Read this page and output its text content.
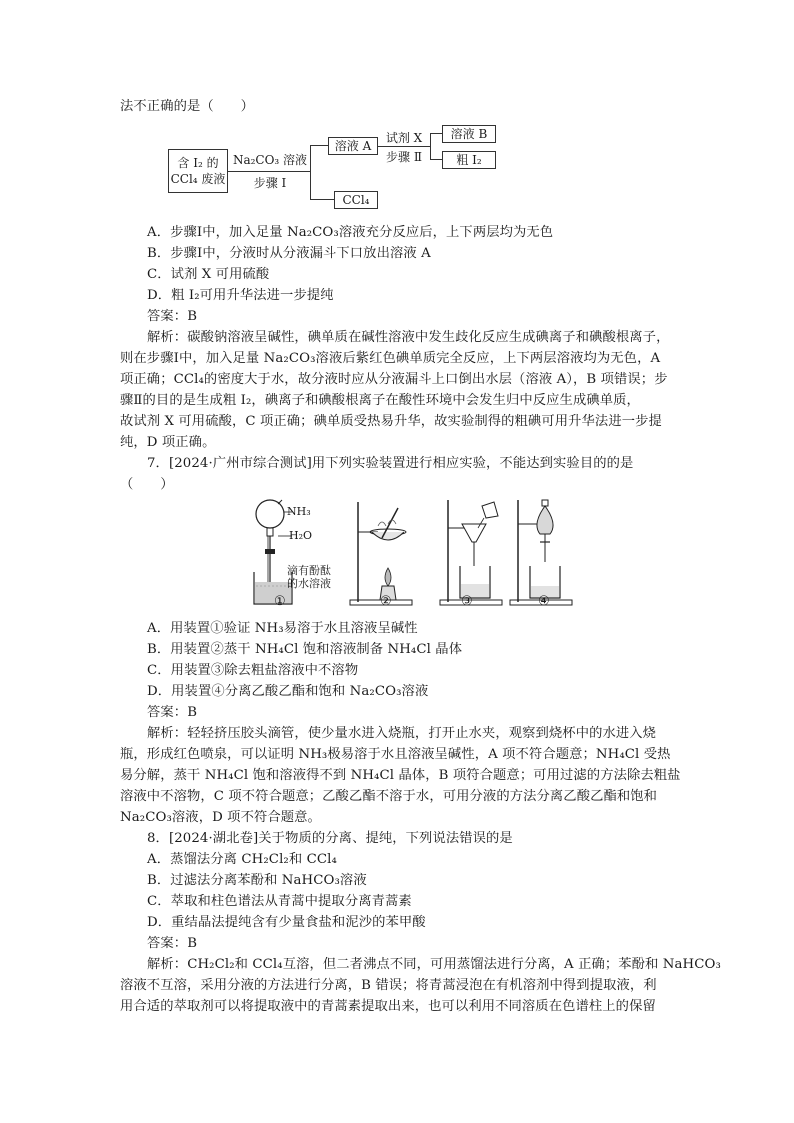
法不正确的是（　　）
含 I₂ 的
CCl₄ 废液
Na₂CO₃ 溶液
步骤 Ⅰ
溶液 A
CCl₄
试剂 X
步骤 Ⅱ
溶液 B
粗 I₂
A．步骤Ⅰ中，加入足量 Na₂CO₃溶液充分反应后，上下两层均为无色
B．步骤Ⅰ中，分液时从分液漏斗下口放出溶液 A
C．试剂 X 可用硫酸
D．粗 I₂可用升华法进一步提纯
答案：B
解析：碳酸钠溶液呈碱性，碘单质在碱性溶液中发生歧化反应生成碘离子和碘酸根离子，
则在步骤Ⅰ中，加入足量 Na₂CO₃溶液后紫红色碘单质完全反应，上下两层溶液均为无色，A
项正确；CCl₄的密度大于水，故分液时应从分液漏斗上口倒出水层（溶液 A），B 项错误；步
骤Ⅱ的目的是生成粗 I₂，碘离子和碘酸根离子在酸性环境中会发生归中反应生成碘单质，
故试剂 X 可用硫酸，C 项正确；碘单质受热易升华，故实验制得的粗碘可用升华法进一步提
纯，D 项正确。
7．[2024·广州市综合测试]用下列实验装置进行相应实验，不能达到实验目的的是
（　　）
NH₃
H₂O
滴有酚酞
的水溶液
①	②	③	④
A．用装置①验证 NH₃易溶于水且溶液呈碱性
B．用装置②蒸干 NH₄Cl 饱和溶液制备 NH₄Cl 晶体
C．用装置③除去粗盐溶液中不溶物
D．用装置④分离乙酸乙酯和饱和 Na₂CO₃溶液
答案：B
解析：轻轻挤压胶头滴管，使少量水进入烧瓶，打开止水夹，观察到烧杯中的水进入烧
瓶，形成红色喷泉，可以证明 NH₃极易溶于水且溶液呈碱性，A 项不符合题意；NH₄Cl 受热
易分解，蒸干 NH₄Cl 饱和溶液得不到 NH₄Cl 晶体，B 项符合题意；可用过滤的方法除去粗盐
溶液中不溶物，C 项不符合题意；乙酸乙酯不溶于水，可用分液的方法分离乙酸乙酯和饱和
Na₂CO₃溶液，D 项不符合题意。
8．[2024·湖北卷]关于物质的分离、提纯，下列说法错误的是
A．蒸馏法分离 CH₂Cl₂和 CCl₄
B．过滤法分离苯酚和 NaHCO₃溶液
C．萃取和柱色谱法从青蒿中提取分离青蒿素
D．重结晶法提纯含有少量食盐和泥沙的苯甲酸
答案：B
解析：CH₂Cl₂和 CCl₄互溶，但二者沸点不同，可用蒸馏法进行分离，A 正确；苯酚和 NaHCO₃
溶液不互溶，采用分液的方法进行分离，B 错误；将青蒿浸泡在有机溶剂中得到提取液，利
用合适的萃取剂可以将提取液中的青蒿素提取出来，也可以利用不同溶质在色谱柱上的保留
